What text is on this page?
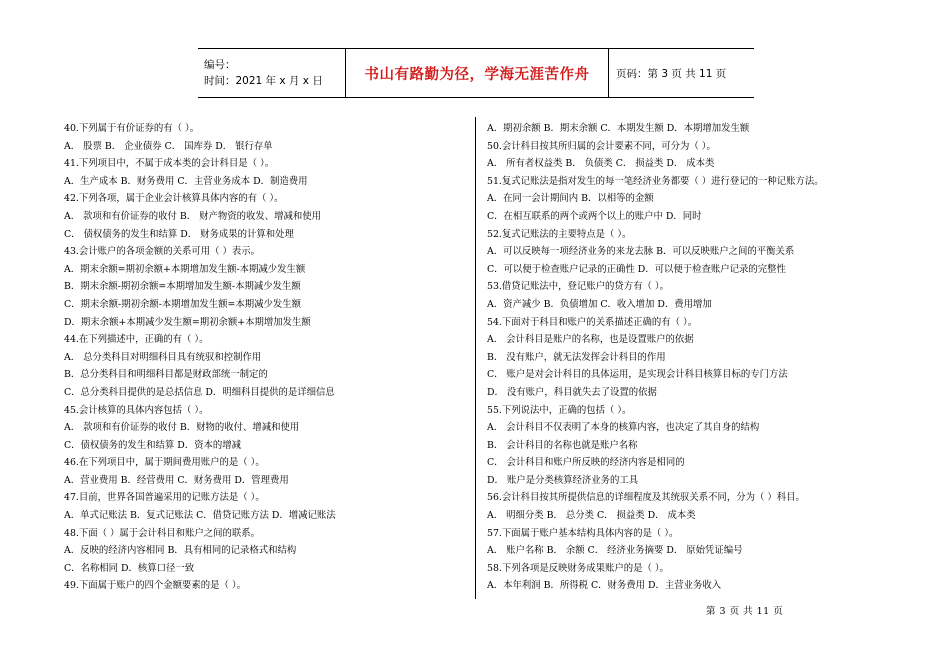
编号：
时间：2021 年 x 月 x 日	书山有路勤为径，学海无涯苦作舟	页码：第 3 页 共 11 页
40.下列属于有价证券的有（ ）。
A． 股票 B． 企业债券 C． 国库券 D． 银行存单
41.下列项目中，不属于成本类的会计科目是（ ）。
A．生产成本 B．财务费用 C．主营业务成本 D．制造费用
42.下列各项，属于企业会计核算具体内容的有（ ）。
A． 款项和有价证券的收付 B． 财产物资的收发、增减和使用
C． 债权债务的发生和结算 D． 财务成果的计算和处理
43.会计账户的各项金额的关系可用（ ）表示。
A．期末余额=期初余额+本期增加发生额-本期减少发生额
B．期末余额-期初余额=本期增加发生额-本期减少发生额
C．期末余额-期初余额-本期增加发生额=本期减少发生额
D．期末余额+本期减少发生额=期初余额+本期增加发生额
44.在下列描述中，正确的有（ ）。
A． 总分类科目对明细科目具有统驭和控制作用
B．总分类科目和明细科目都是财政部统一制定的
C．总分类科目提供的是总括信息 D．明细科目提供的是详细信息
45.会计核算的具体内容包括（ ）。
A． 款项和有价证券的收付 B．财物的收付、增减和使用
C．债权债务的发生和结算 D．资本的增减
46.在下列项目中，属于期间费用账户的是（ ）。
A．营业费用 B．经营费用 C．财务费用 D．管理费用
47.目前，世界各国普遍采用的记账方法是（ ）。
A．单式记账法 B．复式记账法 C．借贷记账方法 D．增减记账法
48.下面（ ）属于会计科目和账户之间的联系。
A．反映的经济内容相同 B．具有相同的记录格式和结构
C．名称相同 D．核算口径一致
49.下面属于账户的四个金额要素的是（ ）。
A．期初余额 B．期末余额 C．本期发生额 D．本期增加发生额
50.会计科目按其所归属的会计要素不同，可分为（ ）。
A． 所有者权益类 B． 负债类 C． 损益类 D． 成本类
51.复式记账法是指对发生的每一笔经济业务都要（ ）进行登记的一种记账方法。
A．在同一会计期间内 B．以相等的金额
C．在相互联系的两个或两个以上的账户中 D．同时
52.复式记账法的主要特点是（ ）。
A．可以反映每一项经济业务的来龙去脉 B．可以反映账户之间的平衡关系
C．可以便于检查账户记录的正确性 D．可以便于检查账户记录的完整性
53.借贷记账法中，登记账户的贷方有（ ）。
A．资产减少 B．负债增加 C．收入增加 D．费用增加
54.下面对于科目和账户的关系描述正确的有（ ）。
A． 会计科目是账户的名称，也是设置账户的依据
B． 没有账户，就无法发挥会计科目的作用
C． 账户是对会计科目的具体运用，是实现会计科目核算目标的专门方法
D． 没有账户，科目就失去了设置的依据
55.下列说法中，正确的包括（ ）。
A． 会计科目不仅表明了本身的核算内容，也决定了其自身的结构
B． 会计科目的名称也就是账户名称
C． 会计科目和账户所反映的经济内容是相同的
D． 账户是分类核算经济业务的工具
56.会计科目按其所提供信息的详细程度及其统驭关系不同，分为（ ）科目。
A． 明细分类 B． 总分类 C． 损益类 D． 成本类
57.下面属于账户基本结构具体内容的是（ ）。
A． 账户名称 B． 余额 C． 经济业务摘要 D． 原始凭证编号
58.下列各项是反映财务成果账户的是（ ）。
A．本年利润 B．所得税 C．财务费用 D．主营业务收入
第 3 页 共 11 页
